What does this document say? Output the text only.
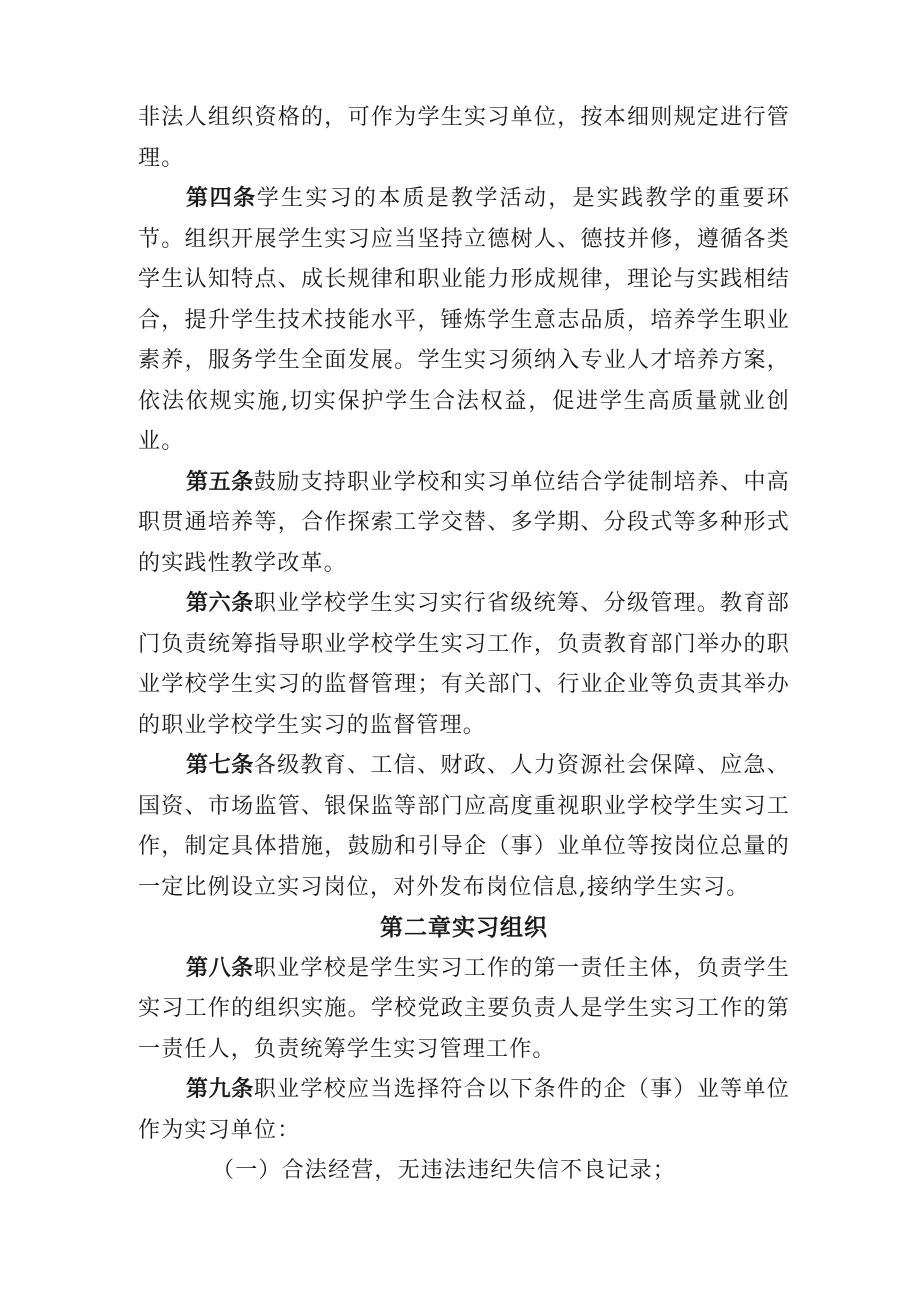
非法人组织资格的，可作为学生实习单位，按本细则规定进行管理。

第四条学生实习的本质是教学活动，是实践教学的重要环节。组织开展学生实习应当坚持立德树人、德技并修，遵循各类学生认知特点、成长规律和职业能力形成规律，理论与实践相结合，提升学生技术技能水平，锤炼学生意志品质，培养学生职业素养，服务学生全面发展。学生实习须纳入专业人才培养方案，依法依规实施,切实保护学生合法权益，促进学生高质量就业创业。

第五条鼓励支持职业学校和实习单位结合学徒制培养、中高职贯通培养等，合作探索工学交替、多学期、分段式等多种形式的实践性教学改革。

第六条职业学校学生实习实行省级统筹、分级管理。教育部门负责统筹指导职业学校学生实习工作，负责教育部门举办的职业学校学生实习的监督管理；有关部门、行业企业等负责其举办的职业学校学生实习的监督管理。

第七条各级教育、工信、财政、人力资源社会保障、应急、国资、市场监管、银保监等部门应高度重视职业学校学生实习工作，制定具体措施，鼓励和引导企（事）业单位等按岗位总量的一定比例设立实习岗位，对外发布岗位信息,接纳学生实习。

第二章实习组织

第八条职业学校是学生实习工作的第一责任主体，负责学生实习工作的组织实施。学校党政主要负责人是学生实习工作的第一责任人，负责统筹学生实习管理工作。

第九条职业学校应当选择符合以下条件的企（事）业等单位作为实习单位：

（一）合法经营，无违法违纪失信不良记录；
